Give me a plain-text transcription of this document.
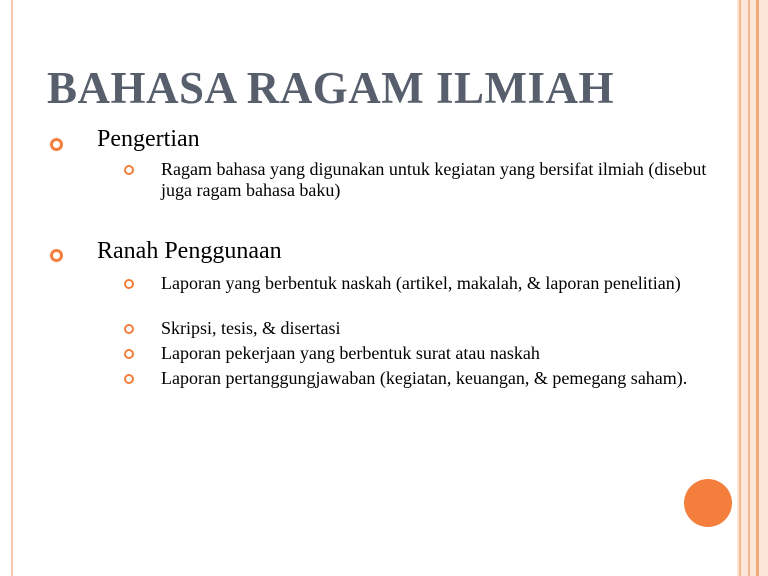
BAHASA RAGAM ILMIAH
Pengertian
Ragam bahasa yang digunakan untuk kegiatan yang bersifat ilmiah (disebut juga ragam bahasa baku)
Ranah Penggunaan
Laporan yang berbentuk naskah (artikel, makalah, & laporan penelitian)
Skripsi, tesis, & disertasi
Laporan pekerjaan yang berbentuk surat atau naskah
Laporan pertanggungjawaban (kegiatan, keuangan, & pemegang saham).
